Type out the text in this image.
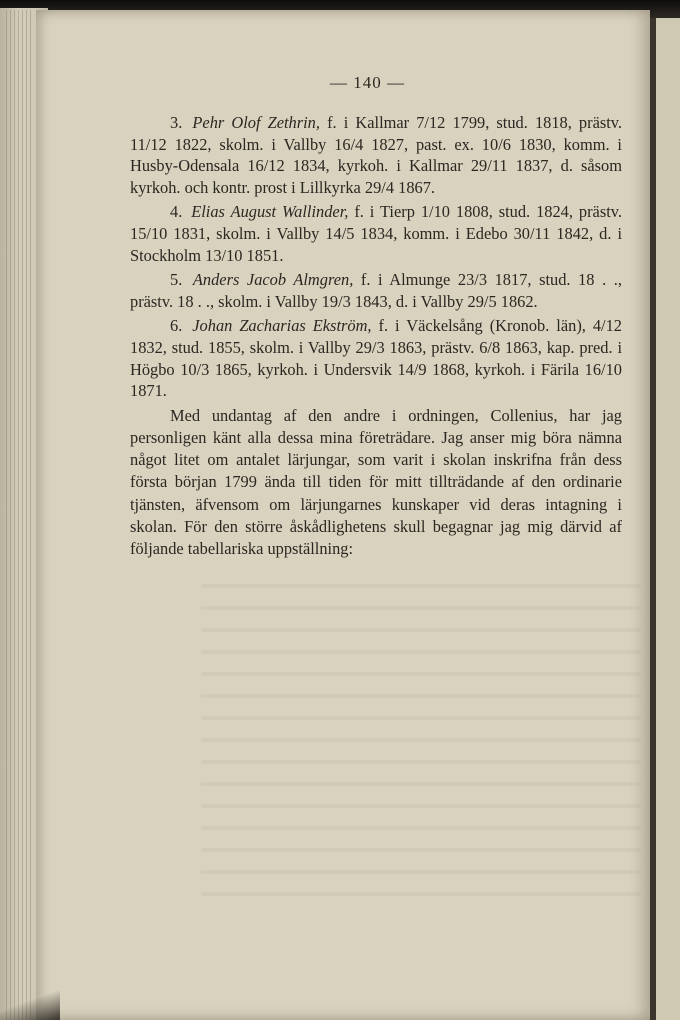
— 140 —

3. Pehr Olof Zethrin, f. i Kallmar 7/12 1799, stud. 1818, prästv. 11/12 1822, skolm. i Vallby 16/4 1827, past. ex. 10/6 1830, komm. i Husby-Odensala 16/12 1834, kyrkoh. i Kallmar 29/11 1837, d. såsom kyrkoh. och kontr. prost i Lillkyrka 29/4 1867.

4. Elias August Wallinder, f. i Tierp 1/10 1808, stud. 1824, prästv. 15/10 1831, skolm. i Vallby 14/5 1834, komm. i Edebo 30/11 1842, d. i Stockholm 13/10 1851.

5. Anders Jacob Almgren, f. i Almunge 23/3 1817, stud. 18 . ., prästv. 18 . ., skolm. i Vallby 19/3 1843, d. i Vallby 29/5 1862.

6. Johan Zacharias Ekström, f. i Väckelsång (Kronob. län), 4/12 1832, stud. 1855, skolm. i Vallby 29/3 1863, prästv. 6/8 1863, kap. pred. i Högbo 10/3 1865, kyrkoh. i Undersvik 14/9 1868, kyrkoh. i Färila 16/10 1871.

Med undantag af den andre i ordningen, Collenius, har jag personligen känt alla dessa mina företrädare. Jag anser mig böra nämna något litet om antalet lärjungar, som varit i skolan inskrifna från dess första början 1799 ända till tiden för mitt tillträdande af den ordinarie tjänsten, äfvensom om lärjungarnes kunskaper vid deras intagning i skolan. För den större åskådlighetens skull begagnar jag mig därvid af följande tabellariska uppställning:
